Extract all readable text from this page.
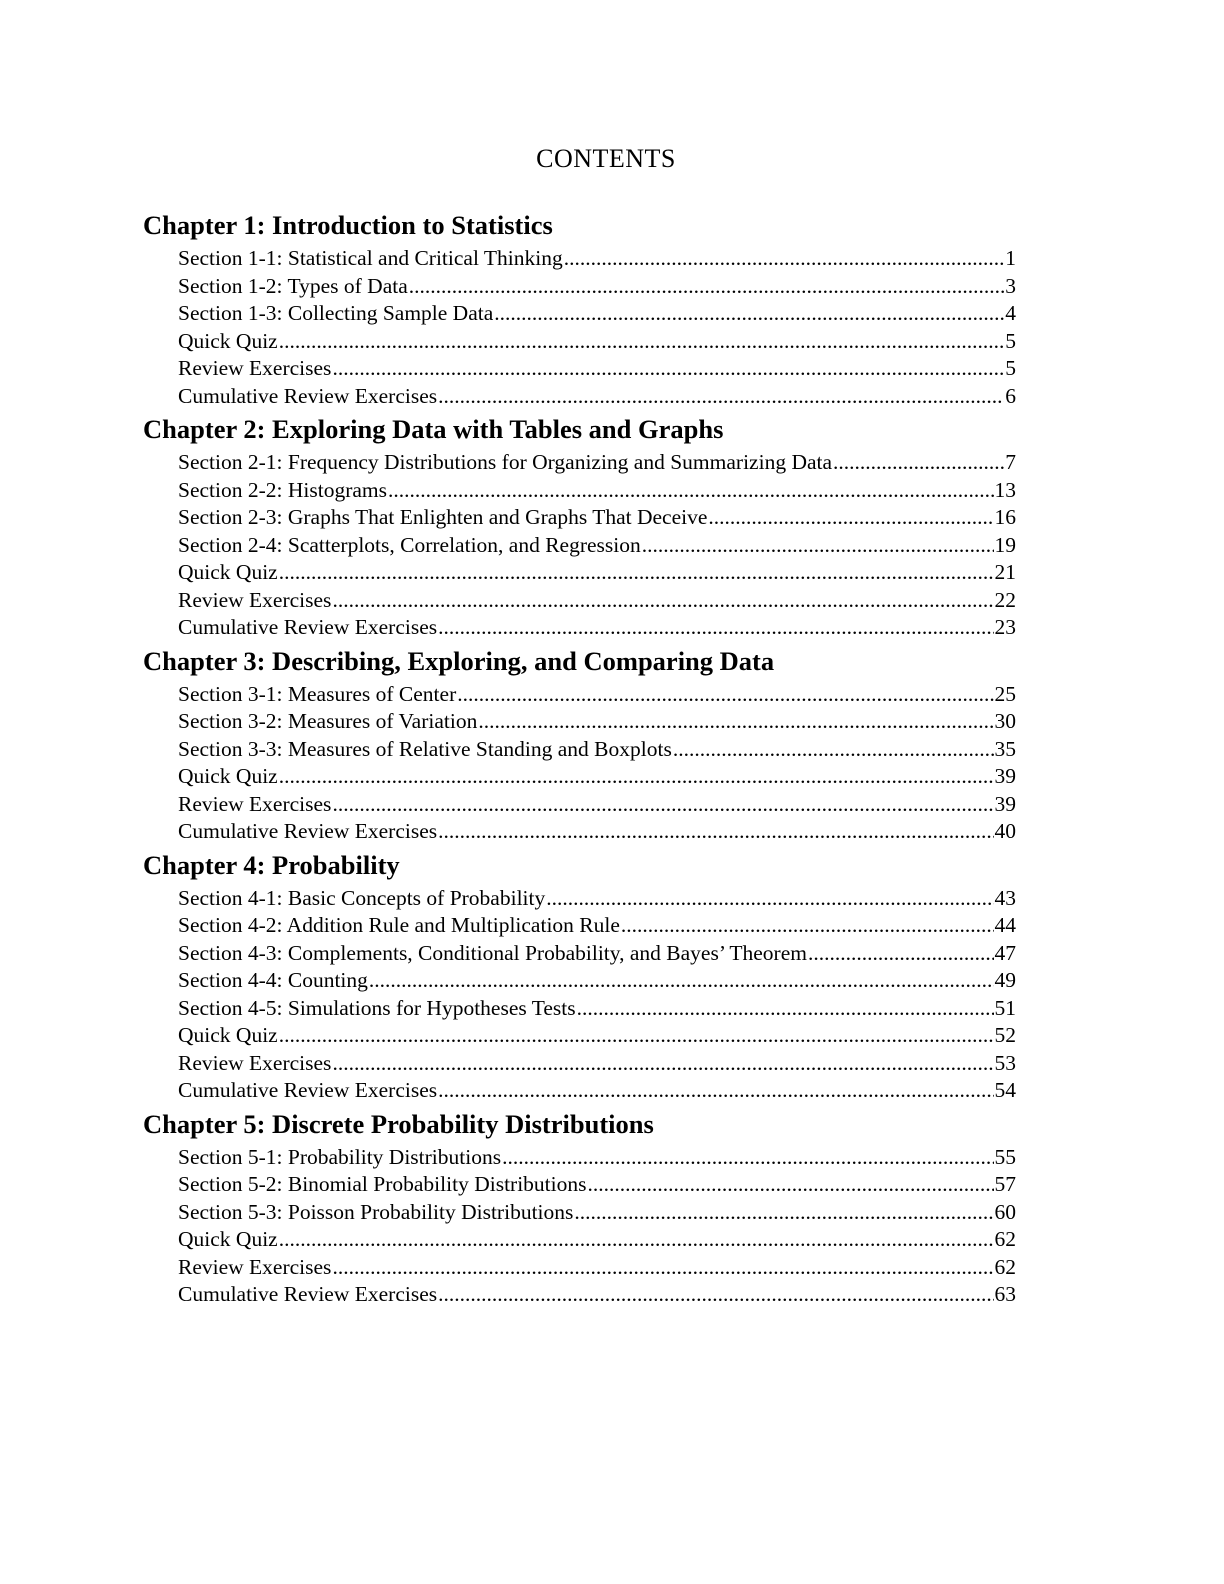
CONTENTS
Chapter 1: Introduction to Statistics
Section 1-1: Statistical and Critical Thinking .....	1
Section 1-2: Types of Data .....	3
Section 1-3: Collecting Sample Data .....	4
Quick Quiz .....	5
Review Exercises .....	5
Cumulative Review Exercises .....	6
Chapter 2: Exploring Data with Tables and Graphs
Section 2-1: Frequency Distributions for Organizing and Summarizing Data .....	7
Section 2-2: Histograms .....	13
Section 2-3: Graphs That Enlighten and Graphs That Deceive .....	16
Section 2-4: Scatterplots, Correlation, and Regression .....	19
Quick Quiz .....	21
Review Exercises .....	22
Cumulative Review Exercises .....	23
Chapter 3: Describing, Exploring, and Comparing Data
Section 3-1: Measures of Center .....	25
Section 3-2: Measures of Variation .....	30
Section 3-3: Measures of Relative Standing and Boxplots .....	35
Quick Quiz .....	39
Review Exercises .....	39
Cumulative Review Exercises .....	40
Chapter 4: Probability
Section 4-1: Basic Concepts of Probability .....	43
Section 4-2: Addition Rule and Multiplication Rule .....	44
Section 4-3: Complements, Conditional Probability, and Bayes’ Theorem .....	47
Section 4-4: Counting .....	49
Section 4-5: Simulations for Hypotheses Tests .....	51
Quick Quiz .....	52
Review Exercises .....	53
Cumulative Review Exercises .....	54
Chapter 5: Discrete Probability Distributions
Section 5-1: Probability Distributions .....	55
Section 5-2: Binomial Probability Distributions .....	57
Section 5-3: Poisson Probability Distributions .....	60
Quick Quiz .....	62
Review Exercises .....	62
Cumulative Review Exercises .....	63
